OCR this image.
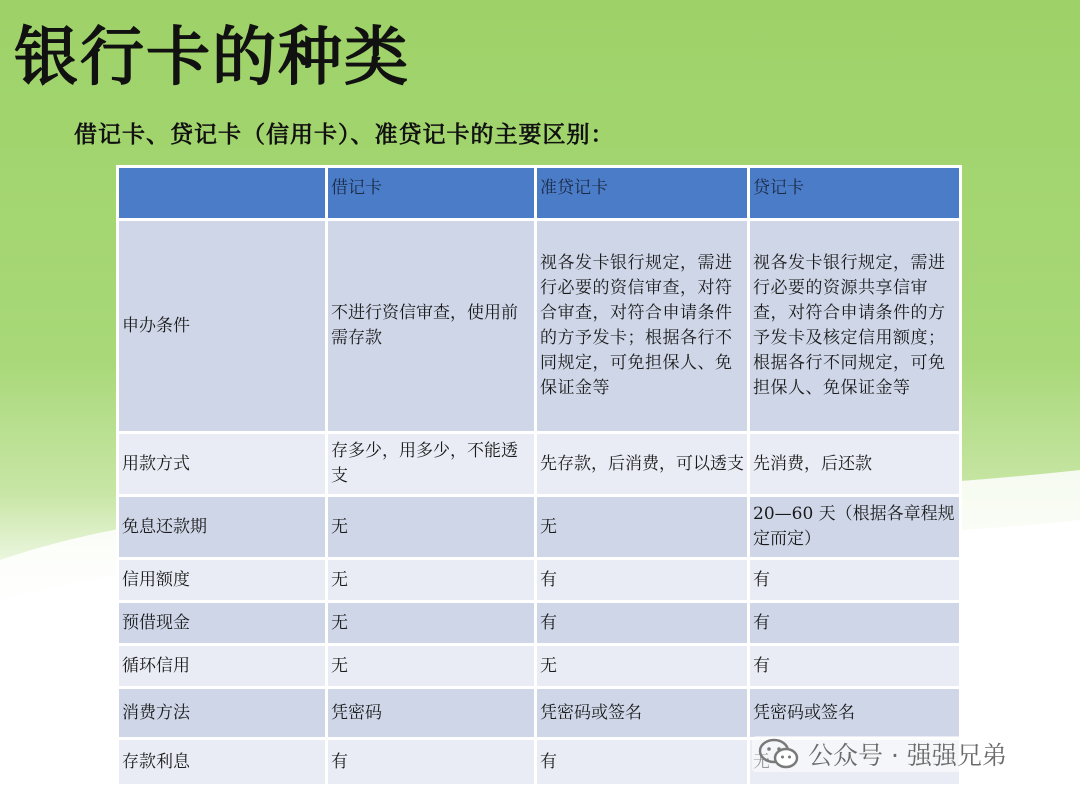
银行卡的种类

借记卡、贷记卡（信用卡）、准贷记卡的主要区别：

	借记卡	准贷记卡	贷记卡
申办条件	不进行资信审查，使用前需存款	视各发卡银行规定，需进行必要的资信审查，对符合审查，对符合申请条件的方予发卡；根据各行不同规定，可免担保人、免保证金等	视各发卡银行规定，需进行必要的资源共享信审查，对符合申请条件的方予发卡及核定信用额度；根据各行不同规定，可免担保人、免保证金等
用款方式	存多少，用多少，不能透支	先存款，后消费，可以透支	先消费，后还款
免息还款期	无	无	20—60 天（根据各章程规定而定）
信用额度	无	有	有
预借现金	无	有	有
循环信用	无	无	有
消费方法	凭密码	凭密码或签名	凭密码或签名
存款利息	有	有		公众号 · 强强兄弟
